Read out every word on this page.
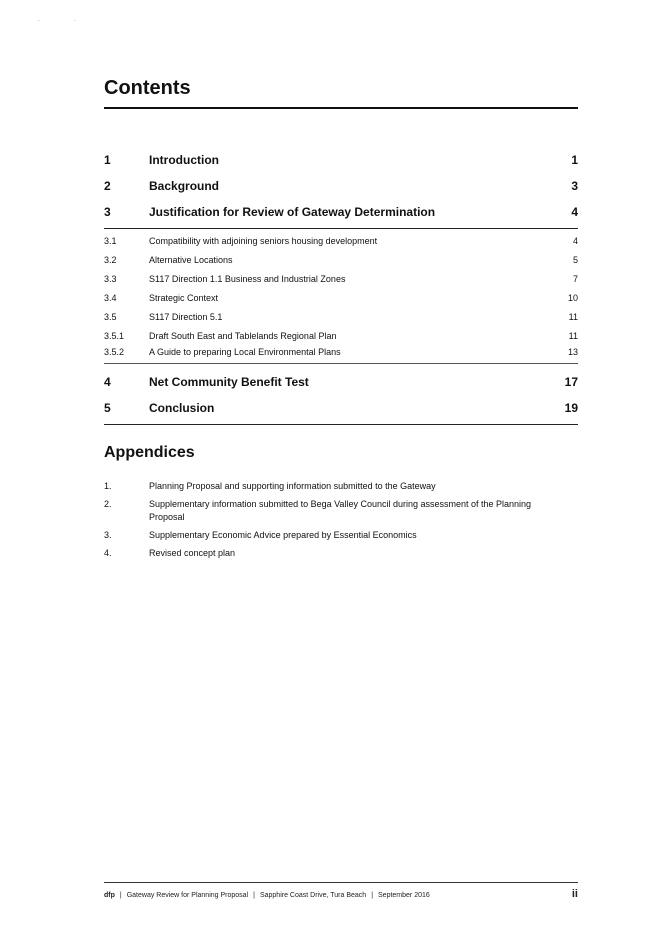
··
Contents
1	Introduction	1
2	Background	3
3	Justification for Review of Gateway Determination	4
3.1	Compatibility with adjoining seniors housing development	4
3.2	Alternative Locations	5
3.3	S117 Direction 1.1 Business and Industrial Zones	7
3.4	Strategic Context	10
3.5	S117 Direction 5.1	11
3.5.1	Draft South East and Tablelands Regional Plan	11
3.5.2	A Guide to preparing Local Environmental Plans	13
4	Net Community Benefit Test	17
5	Conclusion	19
Appendices
1.	Planning Proposal and supporting information submitted to the Gateway
2.	Supplementary information submitted to Bega Valley Council during assessment of the Planning Proposal
3.	Supplementary Economic Advice prepared by Essential Economics
4.	Revised concept plan
dfp | Gateway Review for Planning Proposal | Sapphire Coast Drive, Tura Beach | September 2016	ii
